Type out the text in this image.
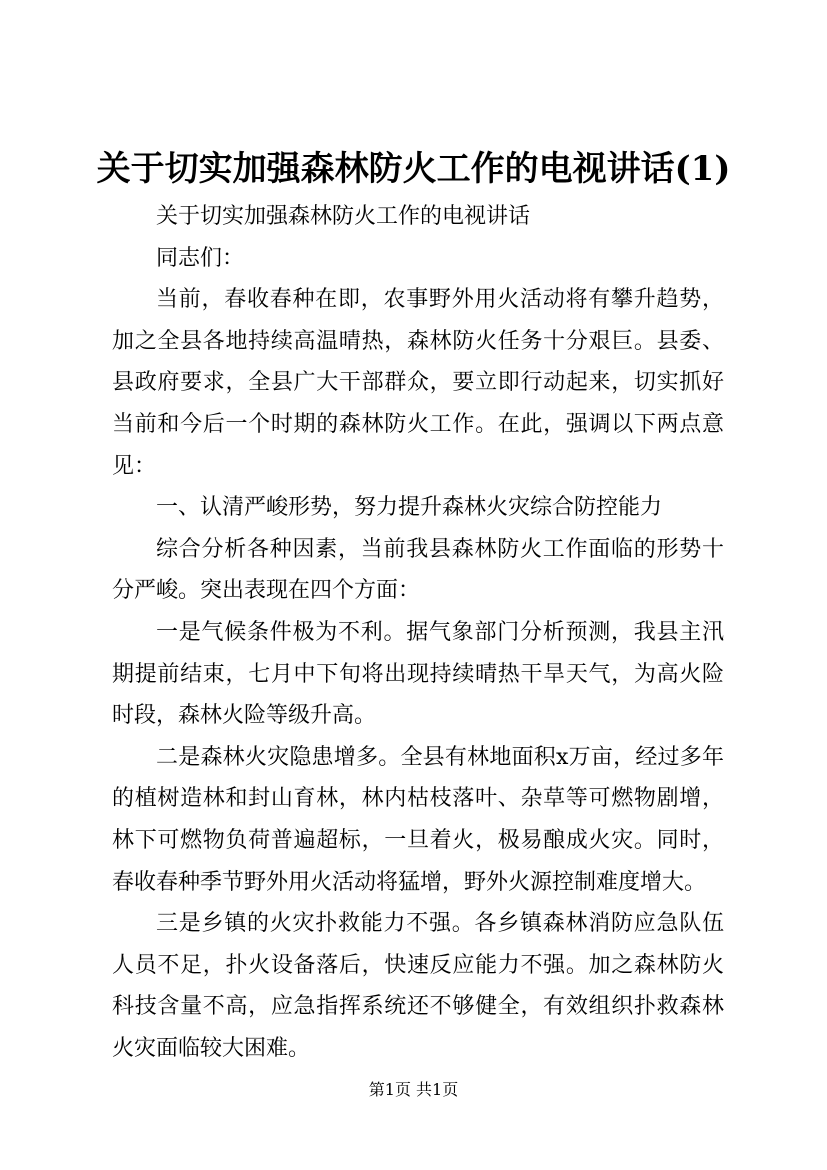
关于切实加强森林防火工作的电视讲话(1)

关于切实加强森林防火工作的电视讲话

同志们：

当前，春收春种在即，农事野外用火活动将有攀升趋势，加之全县各地持续高温晴热，森林防火任务十分艰巨。县委、县政府要求，全县广大干部群众，要立即行动起来，切实抓好当前和今后一个时期的森林防火工作。在此，强调以下两点意见：

一、认清严峻形势，努力提升森林火灾综合防控能力

综合分析各种因素，当前我县森林防火工作面临的形势十分严峻。突出表现在四个方面：

一是气候条件极为不利。据气象部门分析预测，我县主汛期提前结束，七月中下旬将出现持续晴热干旱天气，为高火险时段，森林火险等级升高。

二是森林火灾隐患增多。全县有林地面积x万亩，经过多年的植树造林和封山育林，林内枯枝落叶、杂草等可燃物剧增，林下可燃物负荷普遍超标，一旦着火，极易酿成火灾。同时，春收春种季节野外用火活动将猛增，野外火源控制难度增大。

三是乡镇的火灾扑救能力不强。各乡镇森林消防应急队伍人员不足，扑火设备落后，快速反应能力不强。加之森林防火科技含量不高，应急指挥系统还不够健全，有效组织扑救森林火灾面临较大困难。

第1页 共1页
